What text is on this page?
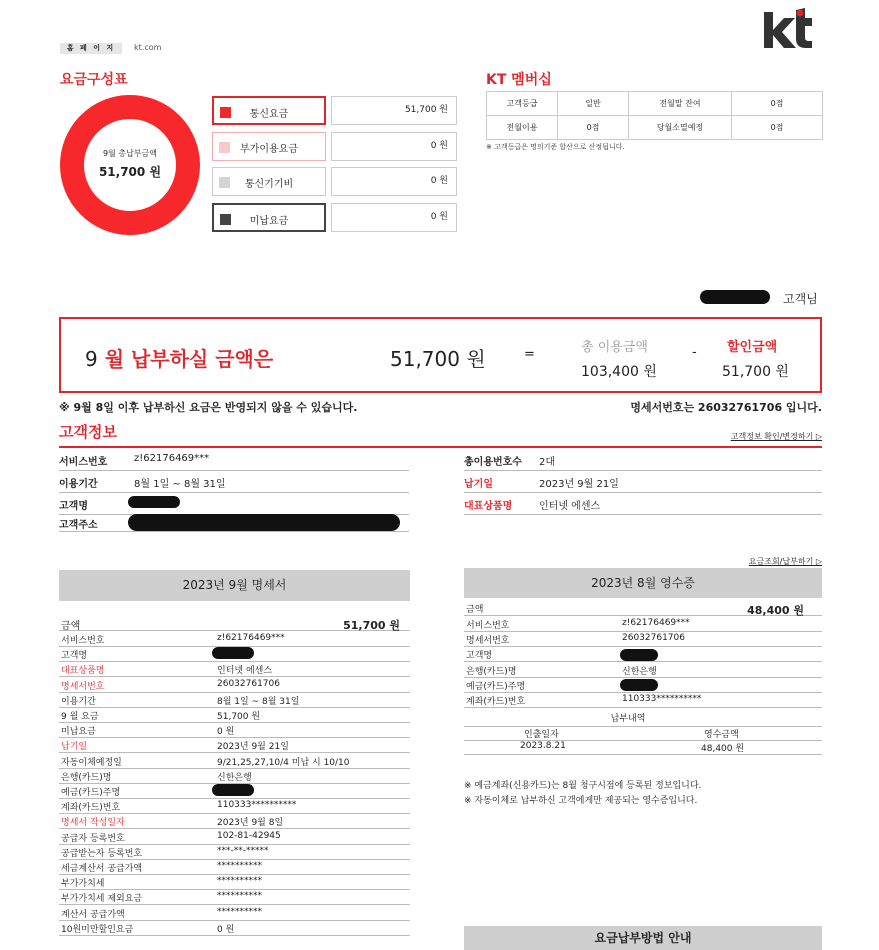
홈 페 이 지	kt.com
요금구성표
9월 총납부금액
51,700 원
통신요금	51,700 원
부가이용요금	0 원
통신기기비	0 원
미납요금	0 원
KT 멤버십
고객등급	일반	전월말 잔여	0점
전월이용	0점	당월소멸예정	0점
※ 고객등급은 명의기준 합산으로 산정됩니다.
고객님
9 월 납부하실 금액은	51,700 원	=	총 이용금액
103,400 원
- 할인금액
51,700 원
※ 9월 8일 이후 납부하신 요금은 반영되지 않을 수 있습니다.	명세서번호는 26032761706 입니다.
고객정보	고객정보 확인/변경하기 ▷
서비스번호	z!62176469***
이용기간	8월 1일 ~ 8월 31일
고객명
고객주소
총이용번호수 2대
납기일	2023년 9월 21일
대표상품명	인터넷 에센스
요금조회/납부하기 ▷
2023년 9월 명세서
금액	51,700 원
서비스번호	z!62176469***
고객명
대표상품명	인터넷 에센스
명세서번호	26032761706
이용기간	8월 1일 ~ 8월 31일
9 월 요금	51,700 원
미납요금	0 원
납기일	2023년 9월 21일
자동이체예정일	9/21,25,27,10/4 미납 시 10/10
은행(카드)명	신한은행
예금(카드)주명
계좌(카드)번호	110333**********
명세서 작성일자	2023년 9월 8일
공급자 등록번호	102-81-42945
공급받는자 등록번호	***-**-*****
세금계산서 공급가액	**********
부가가치세	**********
부가가치세 제외요금	**********
계산서 공급가액	**********
10원미만할인요금	0 원
2023년 8월 영수증
금액	48,400 원
서비스번호	z!62176469***
명세서번호	26032761706
고객명
은행(카드)명	신한은행
예금(카드)주명
계좌(카드)번호	110333**********
납부내역
인출일자	영수금액
2023.8.21	48,400 원
※ 예금계좌(신용카드)는 8월 청구시점에 등록된 정보입니다.
※ 자동이체로 납부하신 고객에게만 제공되는 영수증입니다.
요금납부방법 안내
